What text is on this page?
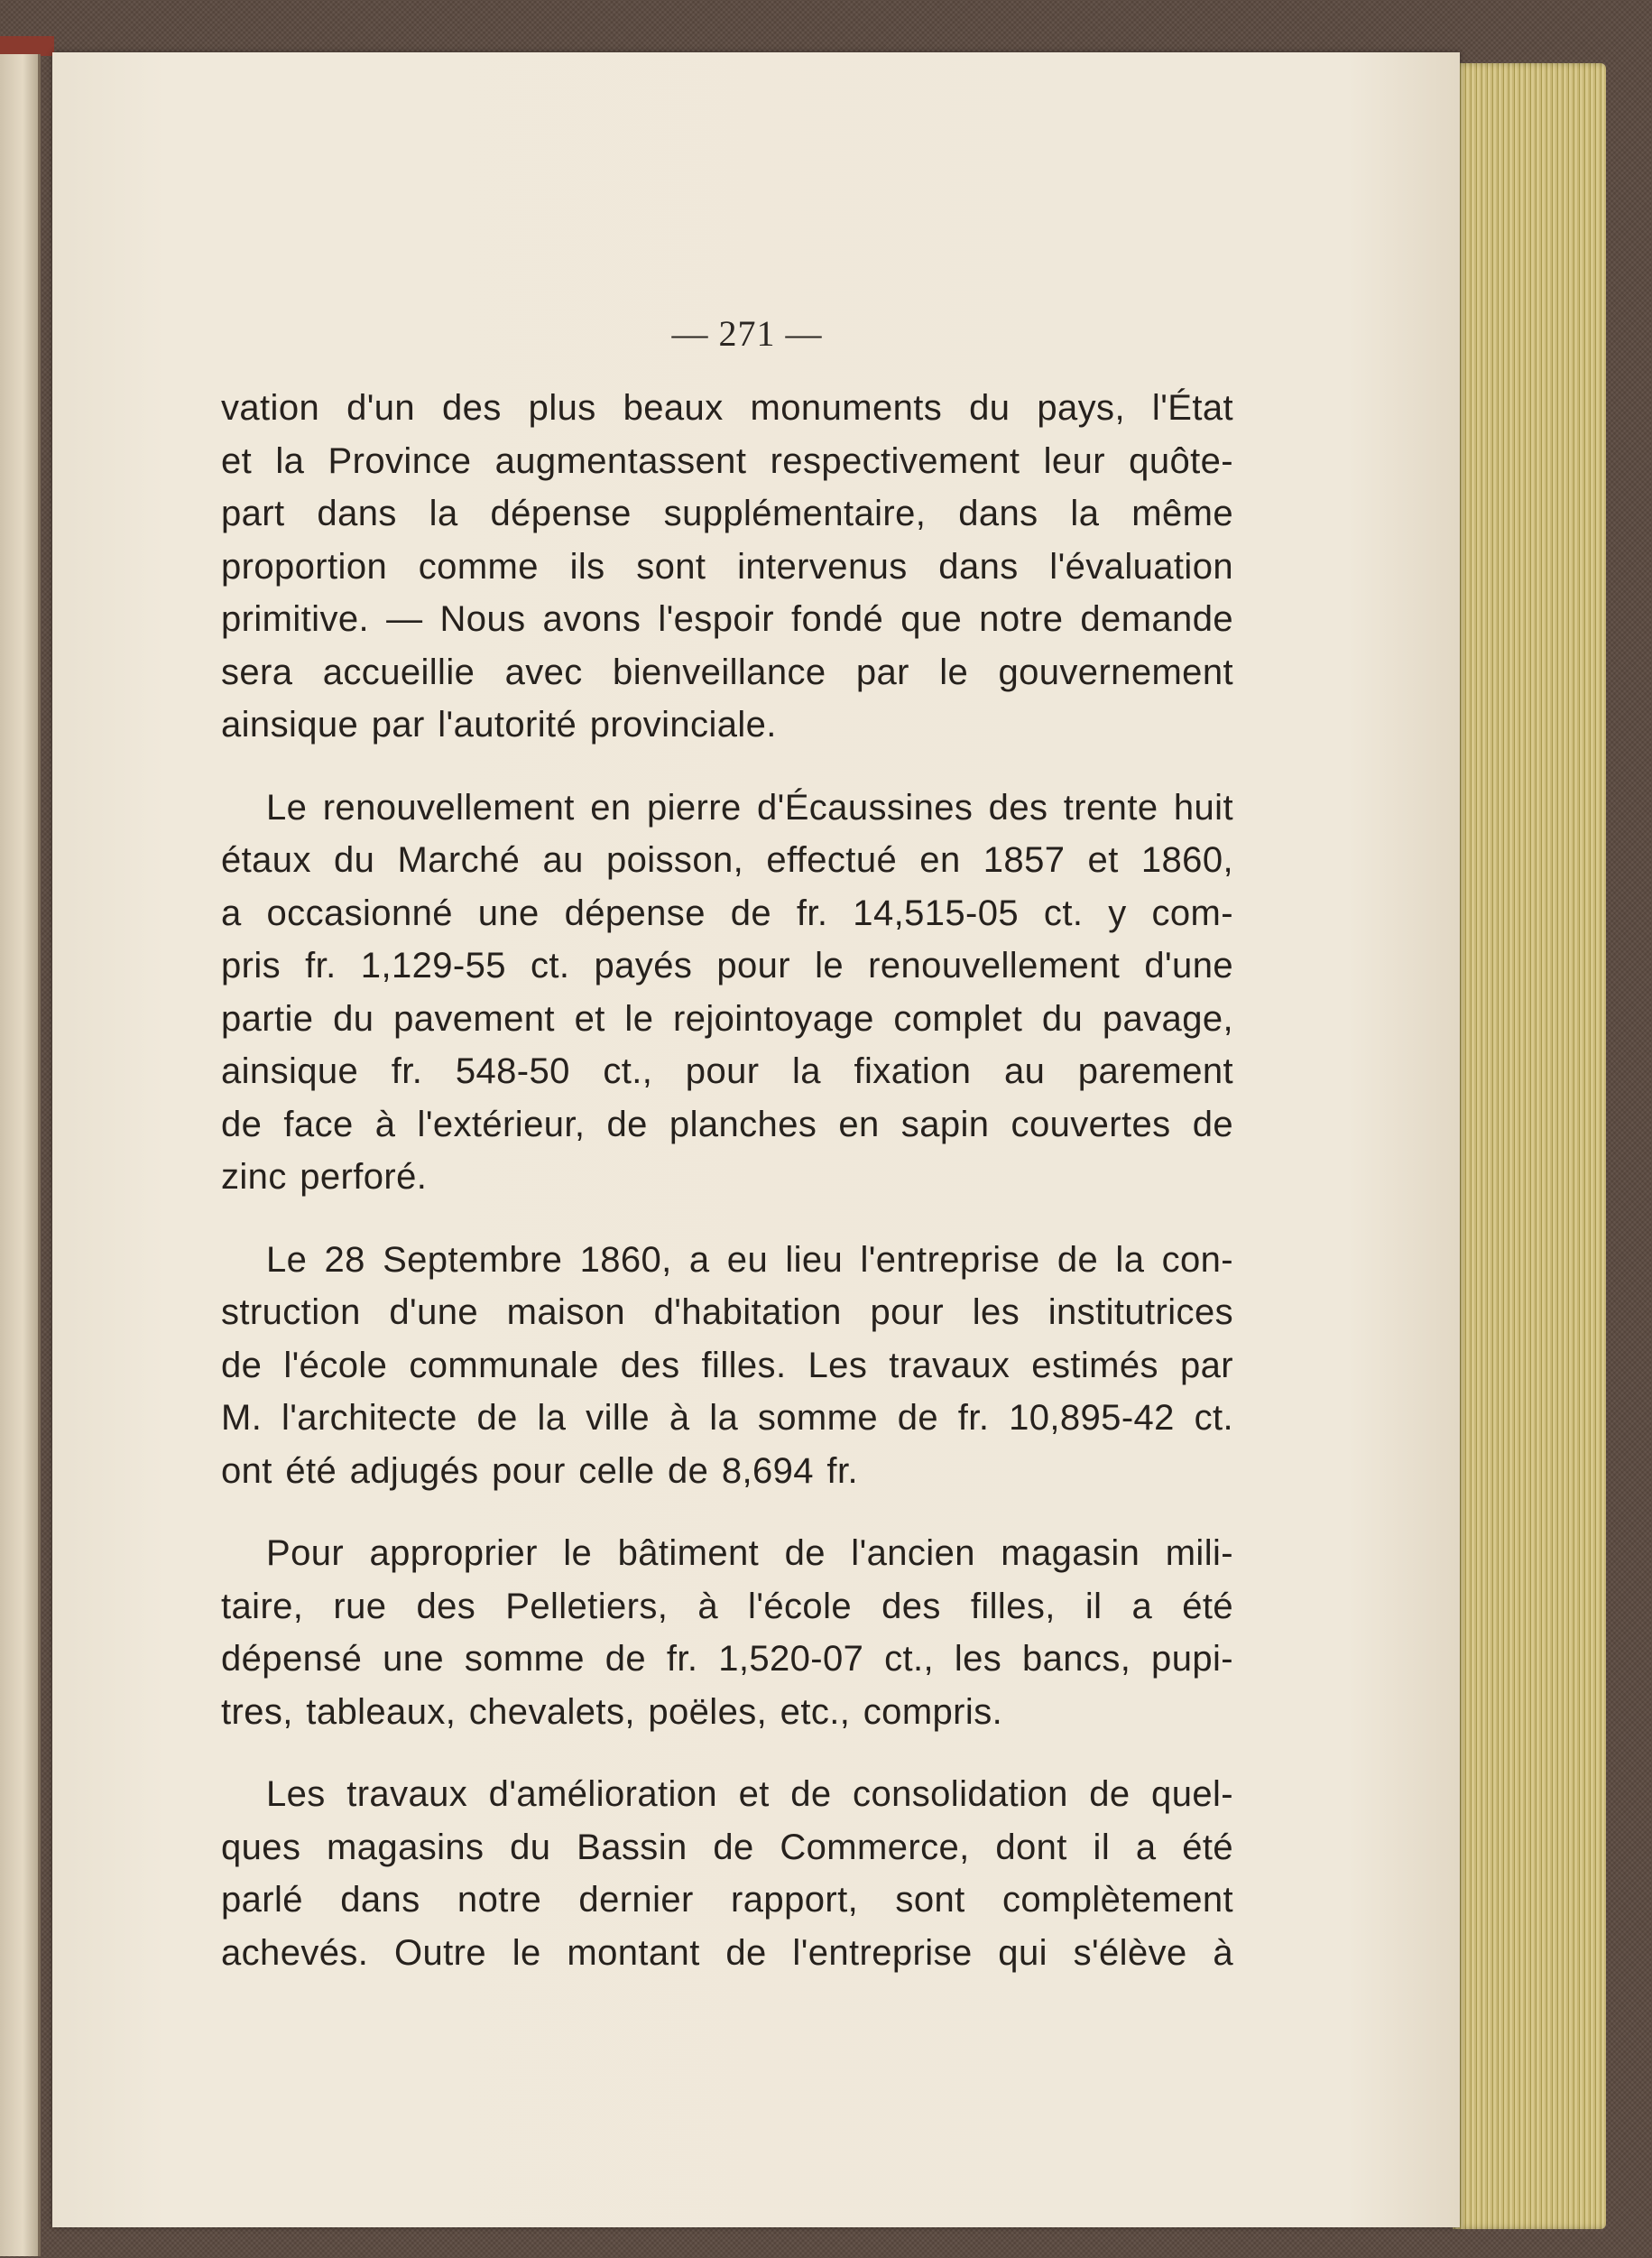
— 271 —

vation d'un des plus beaux monuments du pays, l'État
et la Province augmentassent respectivement leur quôte-
part dans la dépense supplémentaire, dans la même
proportion comme ils sont intervenus dans l'évaluation
primitive. — Nous avons l'espoir fondé que notre demande
sera accueillie avec bienveillance par le gouvernement
ainsique par l'autorité provinciale.

Le renouvellement en pierre d'Écaussines des trente huit
étaux du Marché au poisson, effectué en 1857 et 1860,
a occasionné une dépense de fr. 14,515-05 ct. y com-
pris fr. 1,129-55 ct. payés pour le renouvellement d'une
partie du pavement et le rejointoyage complet du pavage,
ainsique fr. 548-50 ct., pour la fixation au parement
de face à l'extérieur, de planches en sapin couvertes de
zinc perforé.

Le 28 Septembre 1860, a eu lieu l'entreprise de la con-
struction d'une maison d'habitation pour les institutrices
de l'école communale des filles. Les travaux estimés par
M. l'architecte de la ville à la somme de fr. 10,895-42 ct.
ont été adjugés pour celle de 8,694 fr.

Pour approprier le bâtiment de l'ancien magasin mili-
taire, rue des Pelletiers, à l'école des filles, il a été
dépensé une somme de fr. 1,520-07 ct., les bancs, pupi-
tres, tableaux, chevalets, poëles, etc., compris.

Les travaux d'amélioration et de consolidation de quel-
ques magasins du Bassin de Commerce, dont il a été
parlé dans notre dernier rapport, sont complètement
achevés. Outre le montant de l'entreprise qui s'élève à
